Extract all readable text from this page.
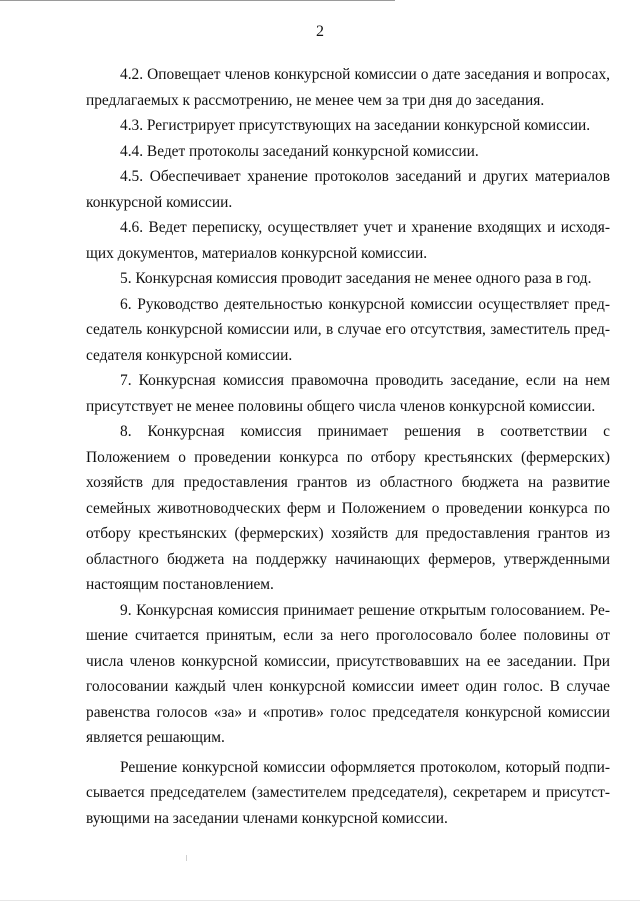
2

4.2. Оповещает членов конкурсной комиссии о дате заседания и вопросах, предлагаемых к рассмотрению, не менее чем за три дня до заседания.

4.3. Регистрирует присутствующих на заседании конкурсной комиссии.

4.4. Ведет протоколы заседаний конкурсной комиссии.

4.5. Обеспечивает хранение протоколов заседаний и других материалов конкурсной комиссии.

4.6. Ведет переписку, осуществляет учет и хранение входящих и исходящих документов, материалов конкурсной комиссии.

5. Конкурсная комиссия проводит заседания не менее одного раза в год.

6. Руководство деятельностью конкурсной комиссии осуществляет председатель конкурсной комиссии или, в случае его отсутствия, заместитель председателя конкурсной комиссии.

7. Конкурсная комиссия правомочна проводить заседание, если на нем присутствует не менее половины общего числа членов конкурсной комиссии.

8. Конкурсная комиссия принимает решения в соответствии с Положением о проведении конкурса по отбору крестьянских (фермерских) хозяйств для предоставления грантов из областного бюджета на развитие семейных животноводческих ферм и Положением о проведении конкурса по отбору крестьянских (фермерских) хозяйств для предоставления грантов из областного бюджета на поддержку начинающих фермеров, утвержденными настоящим постановлением.

9. Конкурсная комиссия принимает решение открытым голосованием. Решение считается принятым, если за него проголосовало более половины от числа членов конкурсной комиссии, присутствовавших на ее заседании. При голосовании каждый член конкурсной комиссии имеет один голос. В случае равенства голосов «за» и «против» голос председателя конкурсной комиссии является решающим.

Решение конкурсной комиссии оформляется протоколом, который подписывается председателем (заместителем председателя), секретарем и присутствующими на заседании членами конкурсной комиссии.
